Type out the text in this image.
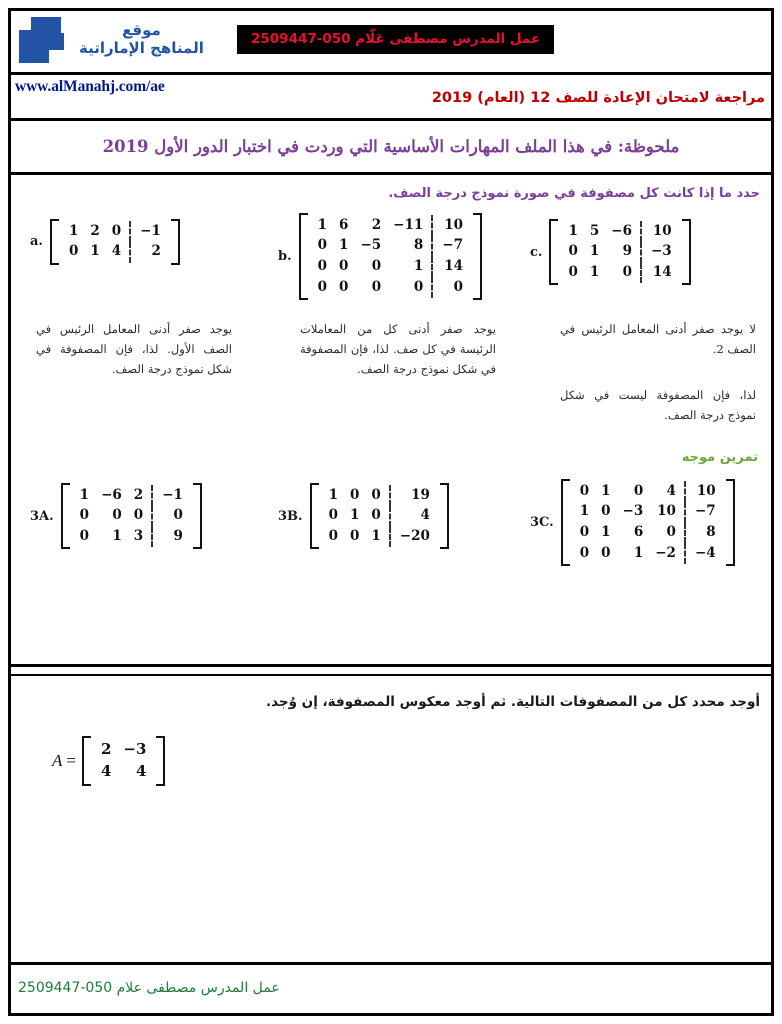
موقع
المناهج الإماراتية	عمل المدرس مصطفى عَلّام 050-2509447
www.alManahj.com/ae
مراجعة لامتحان الإعادة للصف 12 (العام) 2019
ملحوظة: في هذا الملف المهارات الأساسية التي وردت في اختبار الدور الأول 2019
حدد ما إذا كانت كل مصفوفة في صورة نموذج درجة الصف.
a.
1 2 0	−1
0 1 4	2
يوجد صفر أدنى المعامل الرئيس في الصف الأول. لذا، فإن المصفوفة في شكل نموذج درجة الصف.
b.
1 6	2 −11	10
0 1 −5	8	−7
0 0	0	1	14
0 0	0	0	0
يوجد صفر أدنى كل من المعاملات الرئيسة في كل صف. لذا، فإن المصفوفة في شكل نموذج درجة الصف.
c.
1 5 −6	10
0 1	9	−3
0 1	0	14
لا يوجد صفر أدنى المعامل الرئيس في الصف 2.
لذا، فإن المصفوفة ليست في شكل نموذج درجة الصف.
تمرين موجه
3A.
1 −6 2	−1
0	0 0	0
0	1 3	9
3B.
1 0 0	19
0 1 0	4
0 0 1	−20
3C.
0 1	0	4	10
1 0 −3	10	−7
0 1	6	0	8
0 0	1 −2	−4
أوجد محدد كل من المصفوفات التالية. ثم أوجد معكوس المصفوفة، إن وُجد.
A =
2 −3
4	4
عمل المدرس مصطفى علام 050-2509447
